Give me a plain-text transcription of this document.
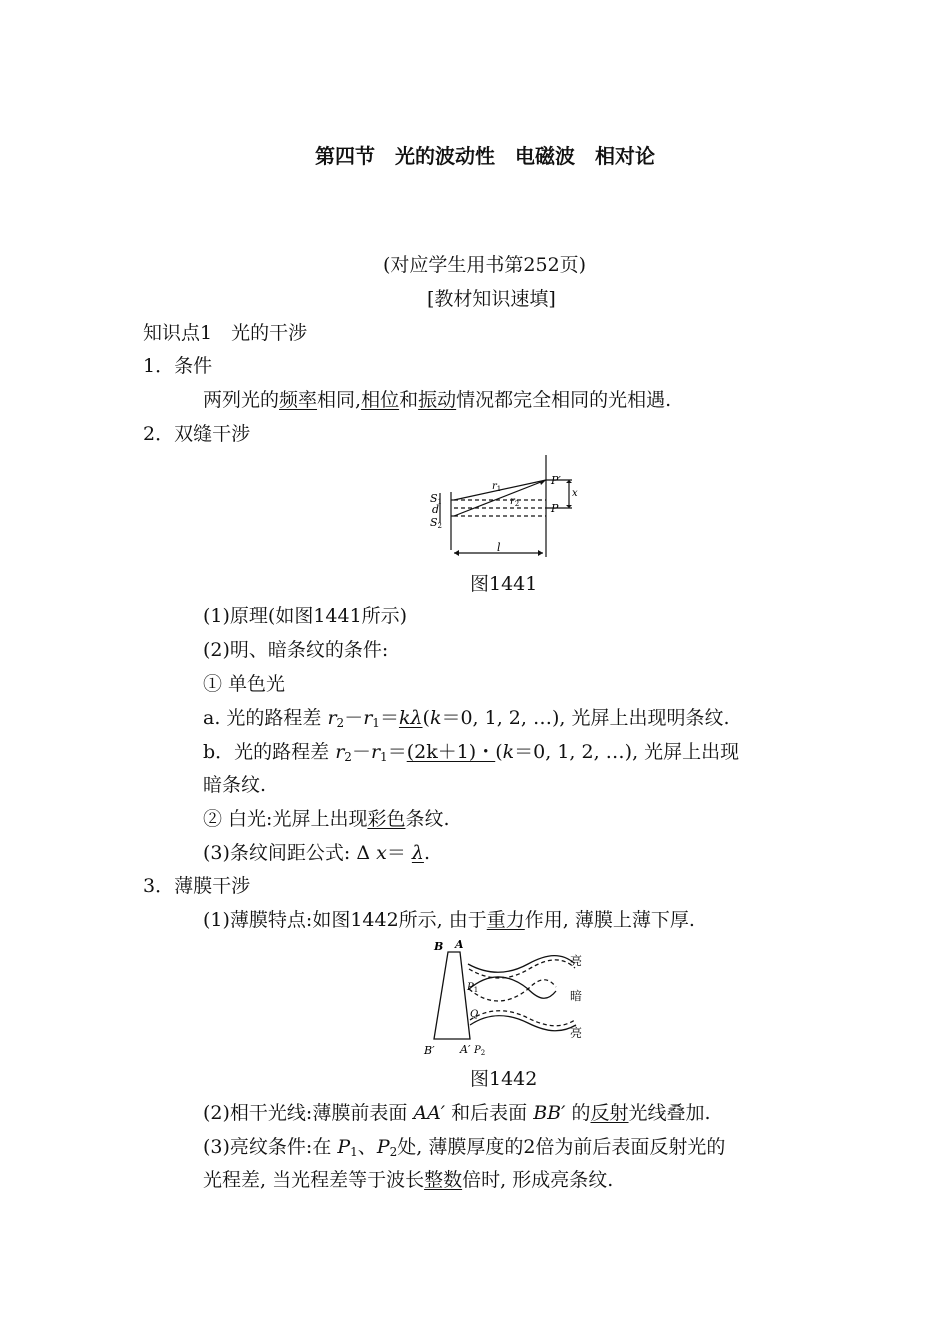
第四节　光的波动性　电磁波　相对论
(对应学生用书第252页)
[教材知识速填]
知识点1　光的干涉
1．条件
两列光的频率相同,相位和振动情况都完全相同的光相遇.
2．双缝干涉
S1
d
S2
$r_1$
$r_2$
P′
P
x
l
图1441
(1)原理(如图1441所示)
(2)明、暗条纹的条件:
① 单色光
a. 光的路程差 $r_2-r_1=k\lambda(k=0$, 1, 2, …), 光屏上出现明条纹.
b．光的路程差 $r_2-r_1=(2k+1)$・(k＝0, 1, 2, …), 光屏上出现
暗条纹.
② 白光:光屏上出现彩色条纹.
(3)条纹间距公式: Δ x＝ λ.
3．薄膜干涉
(1)薄膜特点:如图1442所示, 由于重力作用, 薄膜上薄下厚.
B A
$P_1$
Q
B′ A′ $P_2$
亮
暗
亮
图1442
(2)相干光线:薄膜前表面 AA′ 和后表面 BB′ 的反射光线叠加.
(3)亮纹条件:在 $P_1$、$P_2$处, 薄膜厚度的2倍为前后表面反射光的
光程差, 当光程差等于波长整数倍时, 形成亮条纹.
